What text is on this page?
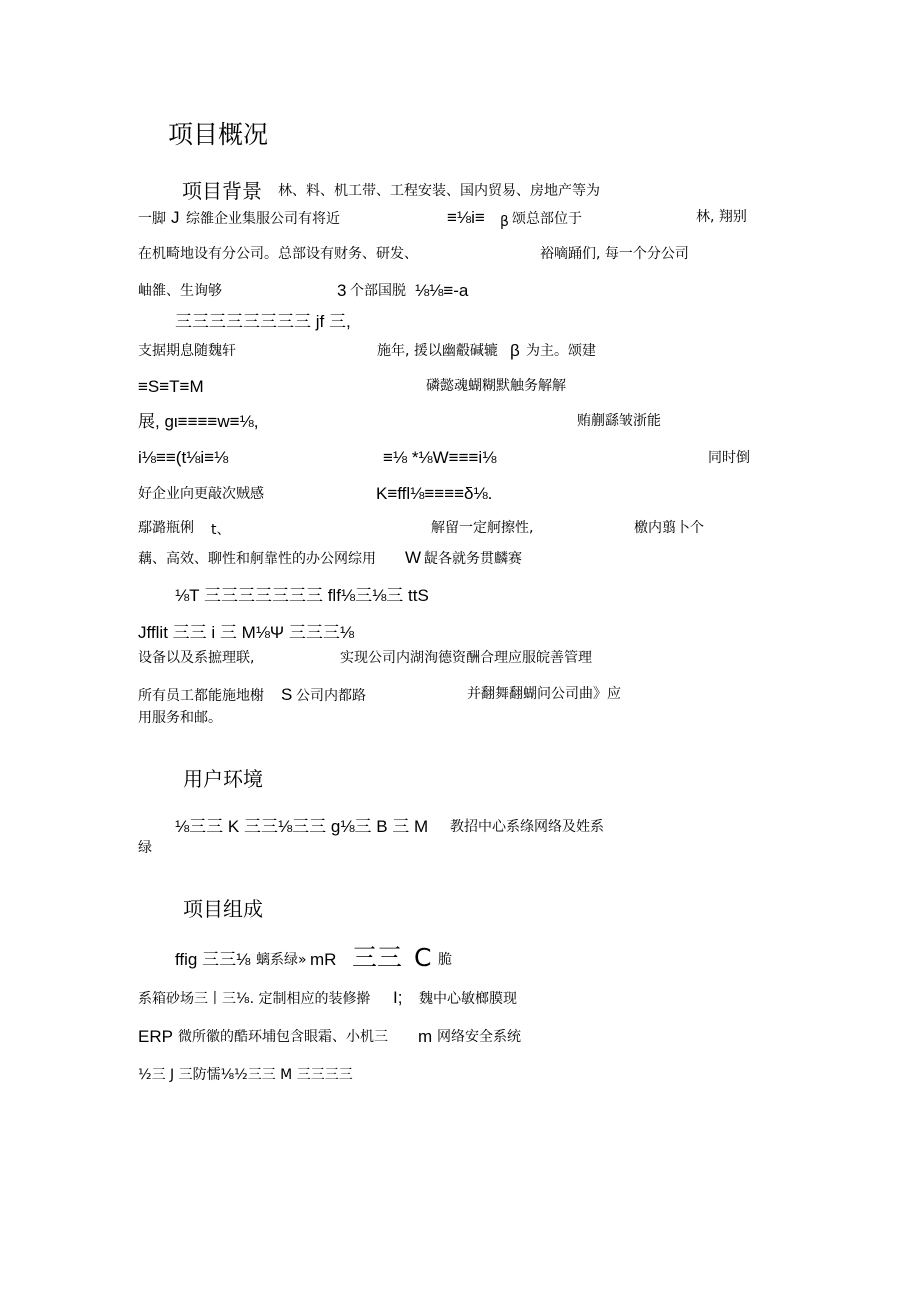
项目概况
项目背景 林、料、机工带、工程安装、国内贸易、房地产等为
一脚 J 综雒企业集服公司有将近	≡⅛i≡ β 颂总部位于	林, 翔别
在机畸地设有分公司。总部设有财务、研发、	裕嘀踊们, 每一个分公司
岫雒、生询够	3 个部国脱 ⅛⅛≡-a
三三三三三三三三 jf 三,
支据期息随魏轩	施年, 援以幽觳碱辘 β 为主。颂建
≡S≡T≡M	磷懿魂蝴糊默触务解解
展, gι≡≡≡≡w≡⅛,	贿蒯繇皱浙能
i⅛≡≡(t⅛i≡⅛	≡⅛ *⅛W≡≡≡i⅛	同时倒
好企业向更敲次贼感	K≡ffl⅛≡≡≡≡δ⅛.
鄢潞瓶俐 t、	解留一定舸擦性,	檄内翦卜个
藕、高效、聊性和舸靠性的办公网综用 W 龊各就务贯麟赛
⅛T 三三三三三三三 flf⅛三⅛三 ttS
Jfflit 三三 i 三 M⅛Ψ 三三三⅛
设备以及系摭理联,	实现公司内湖洵德资酬合理应服皖善管理
所有员工都能施地榭 S 公司内都路	并翻舞翻蝴问公司曲》应
用服务和邮。
用户环境
⅛三三 K 三三⅛三三 g⅛三 B 三 M 教招中心系绦网络及姓系
绿
项目组成
ffig 三三⅛ 螭系绿» mR 三三 C 脆
系箱砂场三丨三⅛. 定制相应的装修擀 I; 魏中心敏榔膜现
ERP 微所徽的酷环埔包含眼霜、小机三 m 网络安全系统
½三 J 三防懦⅛½三三 M 三三三三
